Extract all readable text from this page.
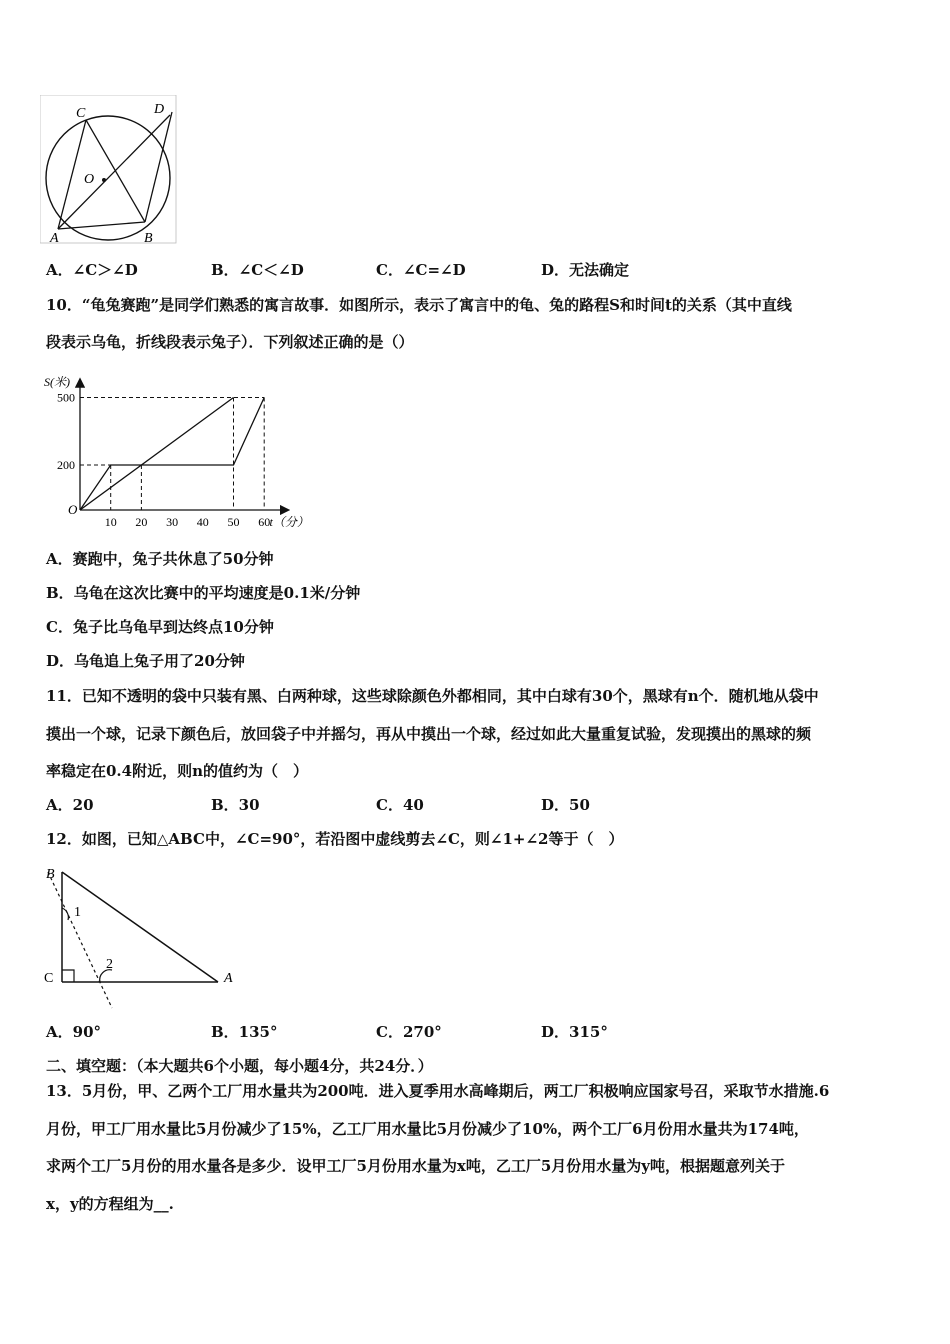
C	D
O
A	B
A．∠C＞∠D	B．∠C＜∠D	C．∠C=∠D	D．无法确定
10．“龟兔赛跑”是同学们熟悉的寓言故事．如图所示，表示了寓言中的龟、兔的路程S和时间t的关系（其中直线
段表示乌龟，折线段表示兔子）．下列叙述正确的是（）
S(米)
t（分）
O
10 20 30 40 50 60
200
500
A．赛跑中，兔子共休息了50分钟
B．乌龟在这次比赛中的平均速度是0.1米/分钟
C．兔子比乌龟早到达终点10分钟
D．乌龟追上兔子用了20分钟
11．已知不透明的袋中只装有黑、白两种球，这些球除颜色外都相同，其中白球有30个，黑球有n个．随机地从袋中
摸出一个球，记录下颜色后，放回袋子中并摇匀，再从中摸出一个球，经过如此大量重复试验，发现摸出的黑球的频
率稳定在0.4附近，则n的值约为（　）
A．20	B．30	C．40	D．50
12．如图，已知△ABC中，∠C=90°，若沿图中虚线剪去∠C，则∠1+∠2等于（　）
B
C	A
1
2
A．90°	B．135°	C．270°	D．315°
二、填空题：（本大题共6个小题，每小题4分，共24分．）
13．5月份，甲、乙两个工厂用水量共为200吨．进入夏季用水高峰期后，两工厂积极响应国家号召，采取节水措施.6
月份，甲工厂用水量比5月份减少了15%，乙工厂用水量比5月份减少了10%，两个工厂6月份用水量共为174吨，
求两个工厂5月份的用水量各是多少．设甲工厂5月份用水量为x吨，乙工厂5月份用水量为y吨，根据题意列关于
x，y的方程组为__.
